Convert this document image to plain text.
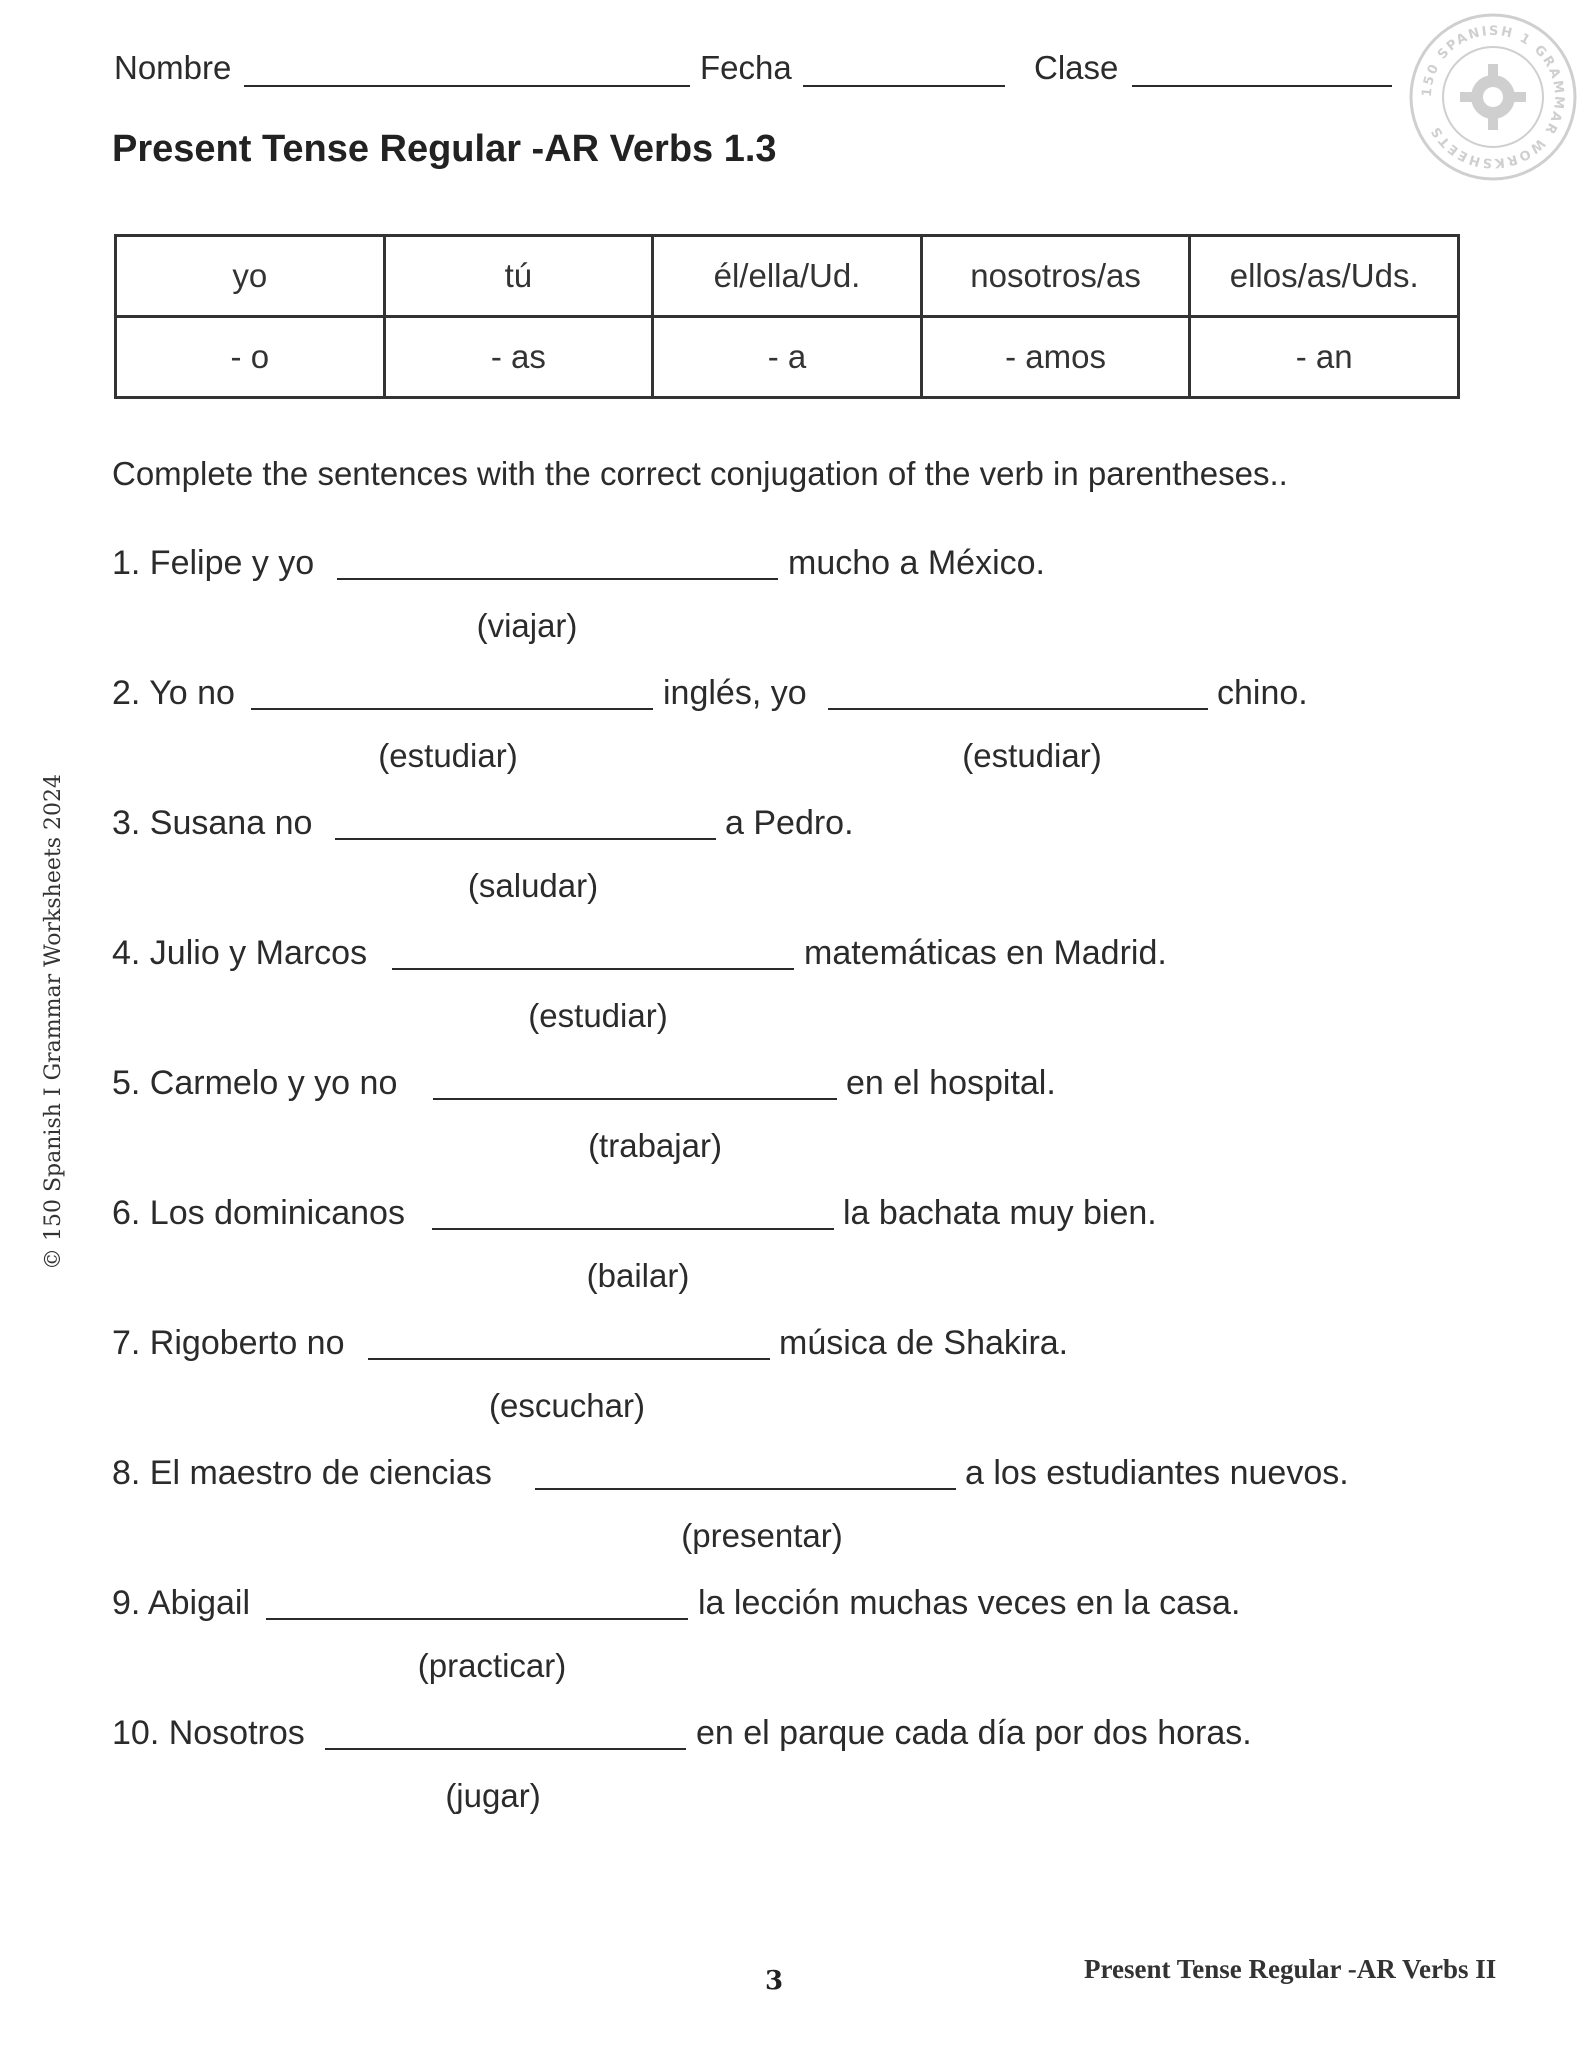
Nombre	Fecha	Clase
150 SPANISH 1 GRAMMAR WORKSHEETS
Present Tense Regular -AR Verbs 1.3
yo	tú	él/ella/Ud.	nosotros/as	ellos/as/Uds.
- o	- as	- a	- amos	- an
Complete the sentences with the correct conjugation of the verb in parentheses..
1. Felipe y yo	mucho a México.
(viajar)
2. Yo no	inglés, yo	chino.
(estudiar)	(estudiar)
3. Susana no	a Pedro.
(saludar)
4. Julio y Marcos	matemáticas en Madrid.
(estudiar)
5. Carmelo y yo no	en el hospital.
(trabajar)
6. Los dominicanos	la bachata muy bien.
(bailar)
7. Rigoberto no	música de Shakira.
(escuchar)
8. El maestro de ciencias	a los estudiantes nuevos.
(presentar)
9. Abigail	la lección muchas veces en la casa.
(practicar)
10. Nosotros	en el parque cada día por dos horas.
(jugar)
© 150 Spanish I Grammar Worksheets 2024
3	Present Tense Regular -AR Verbs II
